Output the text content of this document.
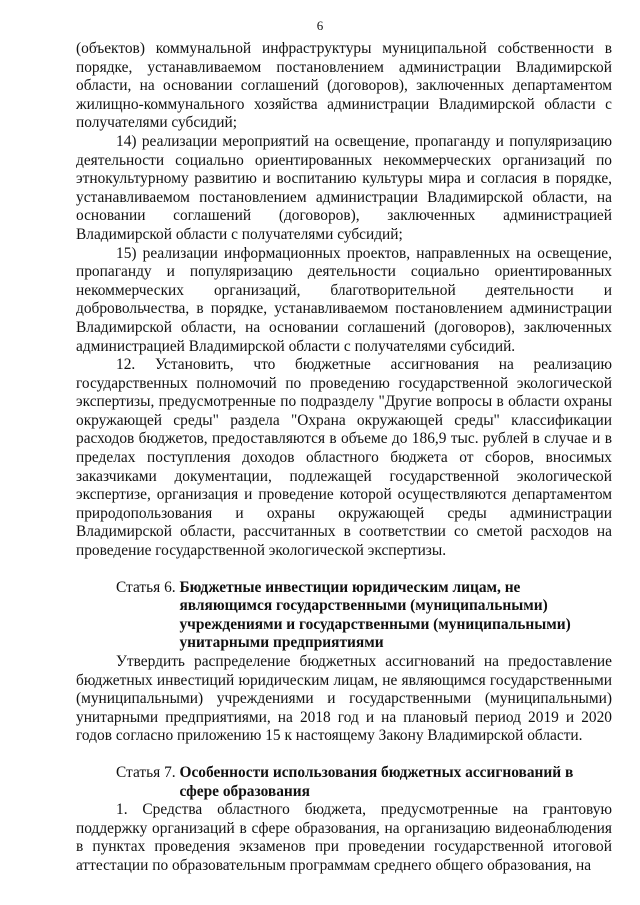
6

(объектов) коммунальной инфраструктуры муниципальной собственности в порядке, устанавливаемом постановлением администрации Владимирской области, на основании соглашений (договоров), заключенных департаментом жилищно-коммунального хозяйства администрации Владимирской области с получателями субсидий;

14) реализации мероприятий на освещение, пропаганду и популяризацию деятельности социально ориентированных некоммерческих организаций по этнокультурному развитию и воспитанию культуры мира и согласия в порядке, устанавливаемом постановлением администрации Владимирской области, на основании соглашений (договоров), заключенных администрацией Владимирской области с получателями субсидий;

15) реализации информационных проектов, направленных на освещение, пропаганду и популяризацию деятельности социально ориентированных некоммерческих организаций, благотворительной деятельности и добровольчества, в порядке, устанавливаемом постановлением администрации Владимирской области, на основании соглашений (договоров), заключенных администрацией Владимирской области с получателями субсидий.

12. Установить, что бюджетные ассигнования на реализацию государственных полномочий по проведению государственной экологической экспертизы, предусмотренные по подразделу "Другие вопросы в области охраны окружающей среды" раздела "Охрана окружающей среды" классификации расходов бюджетов, предоставляются в объеме до 186,9 тыс. рублей в случае и в пределах поступления доходов областного бюджета от сборов, вносимых заказчиками документации, подлежащей государственной экологической экспертизе, организация и проведение которой осуществляются департаментом природопользования и охраны окружающей среды администрации Владимирской области, рассчитанных в соответствии со сметой расходов на проведение государственной экологической экспертизы.

Статья 6. Бюджетные инвестиции юридическим лицам, не являющимся государственными (муниципальными) учреждениями и государственными (муниципальными) унитарными предприятиями

Утвердить распределение бюджетных ассигнований на предоставление бюджетных инвестиций юридическим лицам, не являющимся государственными (муниципальными) учреждениями и государственными (муниципальными) унитарными предприятиями, на 2018 год и на плановый период 2019 и 2020 годов согласно приложению 15 к настоящему Закону Владимирской области.

Статья 7. Особенности использования бюджетных ассигнований в сфере образования

1. Средства областного бюджета, предусмотренные на грантовую поддержку организаций в сфере образования, на организацию видеонаблюдения в пунктах проведения экзаменов при проведении государственной итоговой аттестации по образовательным программам среднего общего образования, на
